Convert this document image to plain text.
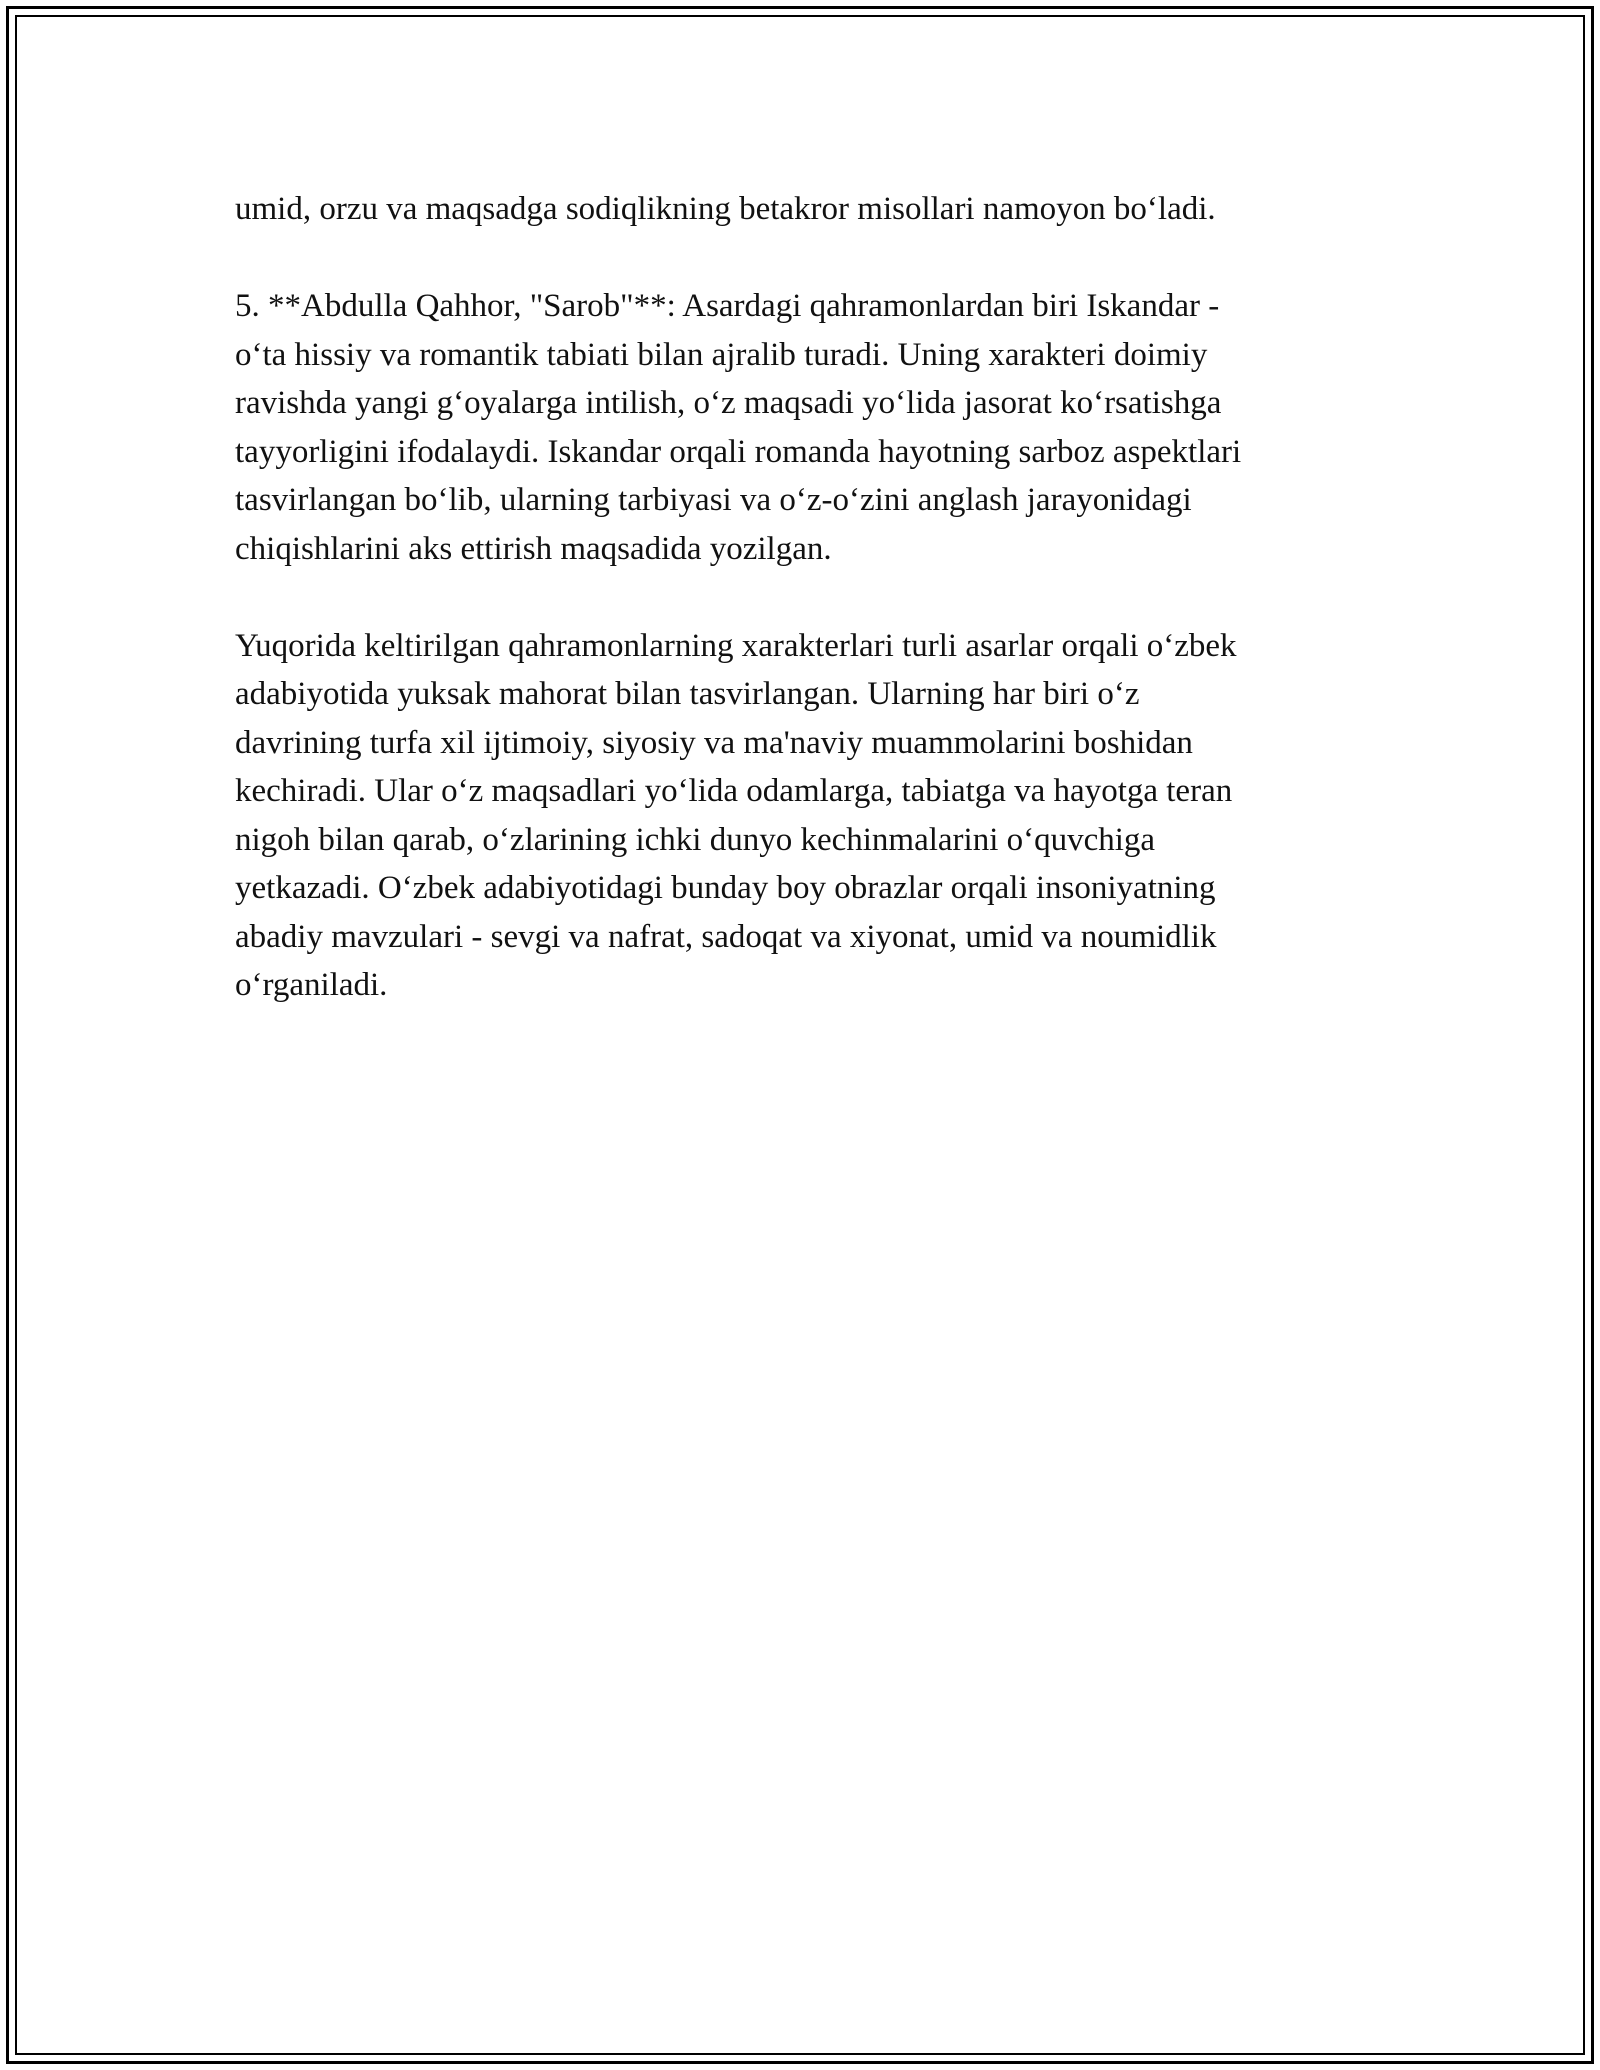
umid, orzu va maqsadga sodiqlikning betakror misollari namoyon bo‘ladi.

5. **Abdulla Qahhor, "Sarob"**: Asardagi qahramonlardan biri Iskandar -
o‘ta hissiy va romantik tabiati bilan ajralib turadi. Uning xarakteri doimiy
ravishda yangi g‘oyalarga intilish, o‘z maqsadi yo‘lida jasorat ko‘rsatishga
tayyorligini ifodalaydi. Iskandar orqali romanda hayotning sarboz aspektlari
tasvirlangan bo‘lib, ularning tarbiyasi va o‘z-o‘zini anglash jarayonidagi
chiqishlarini aks ettirish maqsadida yozilgan.

Yuqorida keltirilgan qahramonlarning xarakterlari turli asarlar orqali o‘zbek
adabiyotida yuksak mahorat bilan tasvirlangan. Ularning har biri o‘z
davrining turfa xil ijtimoiy, siyosiy va ma'naviy muammolarini boshidan
kechiradi. Ular o‘z maqsadlari yo‘lida odamlarga, tabiatga va hayotga teran
nigoh bilan qarab, o‘zlarining ichki dunyo kechinmalarini o‘quvchiga
yetkazadi. O‘zbek adabiyotidagi bunday boy obrazlar orqali insoniyatning
abadiy mavzulari - sevgi va nafrat, sadoqat va xiyonat, umid va noumidlik
o‘rganiladi.
